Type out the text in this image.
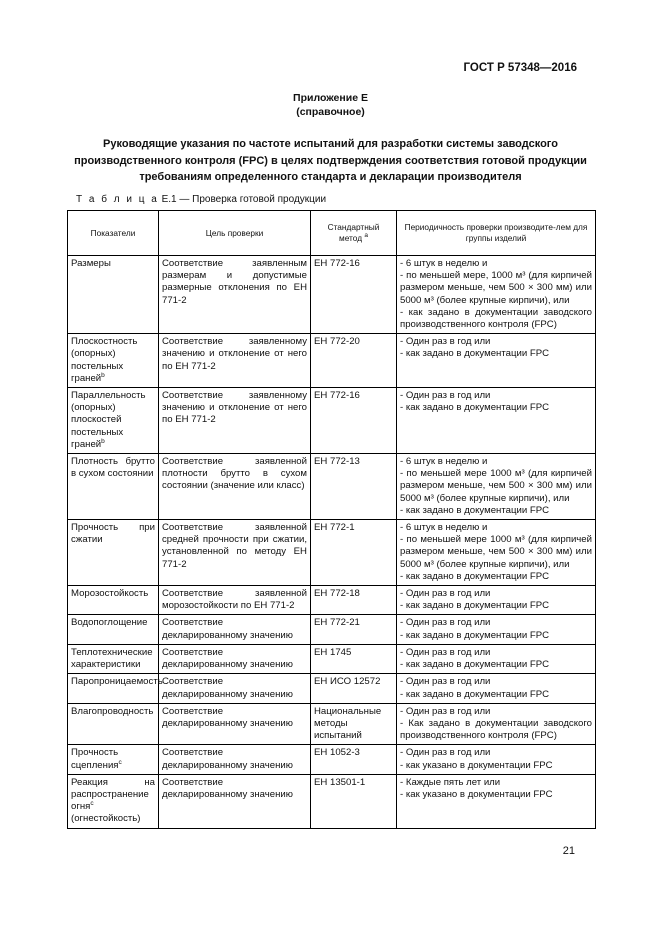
ГОСТ Р 57348—2016
Приложение Е
(справочное)
Руководящие указания по частоте испытаний для разработки системы заводского
производственного контроля (FPC) в целях подтверждения соответствия готовой продукции
требованиям определенного стандарта и декларации производителя
Т а б л и ц а Е.1 — Проверка готовой продукции
Показатели	Цель проверки	Стандартный метод $^а$	Периодичность проверки производите-лем для группы изделий
Размеры	Соответствие заявленным размерам и допустимые размерные отклонения по ЕН 771-2	ЕН 772-16	- 6 штук в неделю и
- по меньшей мере, 1000 м³ (для кирпичей размером меньше, чем 500 × 300 мм) или 5000 м³ (более крупные кирпичи), или
- как задано в документации заводского производственного контроля (FPC)

Плоскостность (опорных) постельных граней$^b$	Соответствие заявленному значению и отклонение от него по ЕН 771-2	ЕН 772-20	- Один раз в год или
- как задано в документации FPC

Параллельность (опорных) плоскостей постельных граней$^b$	Соответствие заявленному значению и отклонение от него по ЕН 771-2	ЕН 772-16	- Один раз в год или
- как задано в документации FPC

Плотность брутто в сухом состоянии	Соответствие заявленной плотности брутто в сухом состоянии (значение или класс)	ЕН 772-13	- 6 штук в неделю и
- по меньшей мере 1000 м³ (для кирпичей размером меньше, чем 500 × 300 мм) или 5000 м³ (более крупные кирпичи), или
- как задано в документации FPC

Прочность при сжатии	Соответствие заявленной средней прочности при сжатии, установленной по методу ЕН 771-2	ЕН 772-1	- 6 штук в неделю и
- по меньшей мере 1000 м³ (для кирпичей размером меньше, чем 500 × 300 мм) или 5000 м³ (более крупные кирпичи), или
- как задано в документации FPC

Морозостойкость	Соответствие заявленной морозостойкости по ЕН 771-2	ЕН 772-18	- Один раз в год или
- как задано в документации FPC

Водопоглощение	Соответствие декларированному значению	ЕН 772-21	- Один раз в год или
- как задано в документации FPC

Теплотехнические характеристики	Соответствие декларированному значению	ЕН 1745	- Один раз в год или
- как задано в документации FPC

Паропроницаемость	Соответствие декларированному значению	ЕН ИСО 12572	- Один раз в год или
- как задано в документации FPC

Влагопроводность	Соответствие декларированному значению	Национальные методы испытаний	- Один раз в год или
- Как задано в документации заводского производственного контроля (FPC)

Прочность сцепления$^c$	Соответствие декларированному значению	ЕН 1052-3	- Один раз в год или
- как указано в документации FPC

Реакция на распространение огня$^c$ (огнестойкость)	Соответствие декларированному значению	ЕН 13501-1	- Каждые пять лет или
- как указано в документации FPC
21
